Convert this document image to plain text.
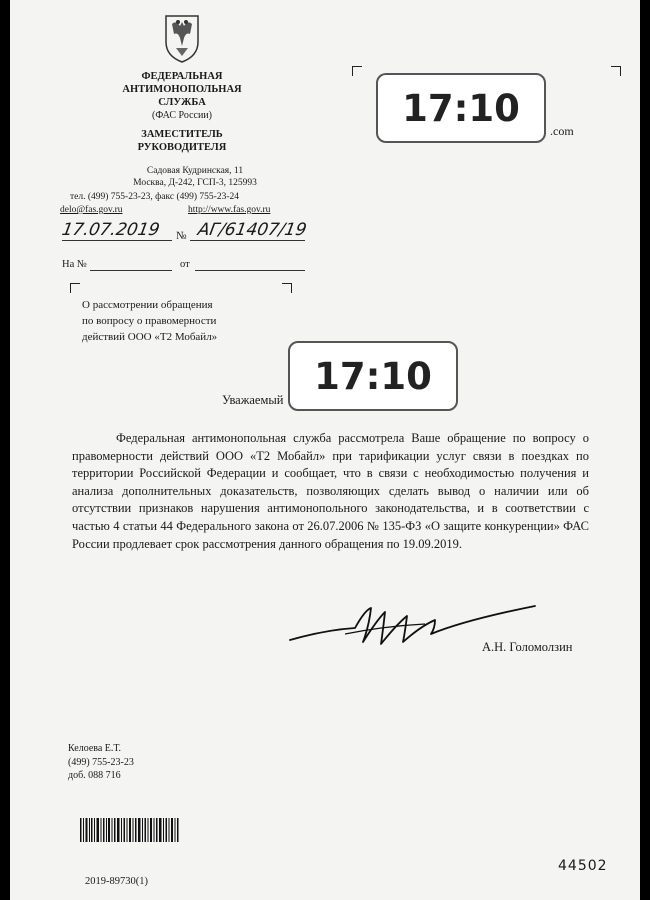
ФЕДЕРАЛЬНАЯ
АНТИМОНОПОЛЬНАЯ
СЛУЖБА
(ФАС России)
ЗАМЕСТИТЕЛЬ
РУКОВОДИТЕЛЯ
Садовая Кудринская, 11
Москва, Д-242, ГСП-3, 125993
тел. (499) 755-23-23, факс (499) 755-23-24
delo@fas.gov.ru	http://www.fas.gov.ru
17.07.2019 № АГ/61407/19
На №	от
О рассмотрении обращения
по вопросу о правомерности
действий ООО «Т2 Мобайл»
.com
17:10
17:10
Уважаемый
Федеральная антимонопольная служба рассмотрела Ваше обращение по вопросу о правомерности действий ООО «Т2 Мобайл» при тарификации услуг связи в поездках по территории Российской Федерации и сообщает, что в связи с необходимостью получения и анализа дополнительных доказательств, позволяющих сделать вывод о наличии или об отсутствии признаков нарушения антимонопольного законодательства, и в соответствии с частью 4 статьи 44 Федерального закона от 26.07.2006 № 135-ФЗ «О защите конкуренции» ФАС России продлевает срок рассмотрения данного обращения по 19.09.2019.
А.Н. Голомолзин
Келоева Е.Т.
(499) 755-23-23
доб. 088 716
2019-89730(1)
44502
